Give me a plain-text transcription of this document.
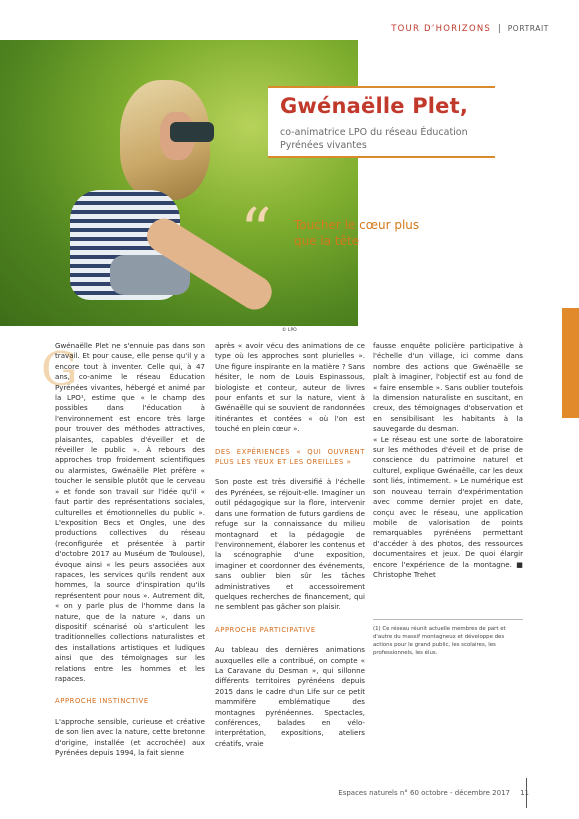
TOUR D’HORIZONS | PORTRAIT
© LPO
Gwénaëlle Plet,
co-animatrice LPO du réseau Éducation Pyrénées vivantes
“ Toucher le cœur plus que la tête
G
Gwénaëlle Plet ne s'ennuie pas dans son travail. Et pour cause, elle pense qu'il y a encore tout à inventer. Celle qui, à 47 ans, co-anime le réseau Éducation Pyrénées vivantes, hébergé et animé par la LPO¹, estime que « le champ des possibles dans l'éducation à l'environnement est encore très large pour trouver des méthodes attractives, plaisantes, capables d'éveiller et de réveiller le public ». À rebours des approches trop froidement scientifiques ou alarmistes, Gwénaëlle Plet préfère « toucher le sensible plutôt que le cerveau » et fonde son travail sur l'idée qu'il « faut partir des représentations sociales, culturelles et émotionnelles du public ». L'exposition Becs et Ongles, une des productions collectives du réseau (reconfigurée et présentée à partir d'octobre 2017 au Muséum de Toulouse), évoque ainsi « les peurs associées aux rapaces, les services qu'ils rendent aux hommes, la source d'inspiration qu'ils représentent pour nous ». Autrement dit, « on y parle plus de l'homme dans la nature, que de la nature », dans un dispositif scénarisé où s'articulent les traditionnelles collections naturalistes et des installations artistiques et ludiques ainsi que des témoignages sur les relations entre les hommes et les rapaces.
APPROCHE INSTINCTIVE
L'approche sensible, curieuse et créative de son lien avec la nature, cette bretonne d'origine, installée (et accrochée) aux Pyrénées depuis 1994, la fait sienne
après « avoir vécu des animations de ce type où les approches sont plurielles ». Une figure inspirante en la matière ? Sans hésiter, le nom de Louis Espinassous, biologiste et conteur, auteur de livres pour enfants et sur la nature, vient à Gwénaëlle qui se souvient de randonnées itinérantes et contées « où l'on est touché en plein cœur ».
DES EXPÉRIENCES « QUI OUVRENT PLUS LES YEUX ET LES OREILLES »
Son poste est très diversifié à l'échelle des Pyrénées, se réjouit-elle. Imaginer un outil pédagogique sur la flore, intervenir dans une formation de futurs gardiens de refuge sur la connaissance du milieu montagnard et la pédagogie de l'environnement, élaborer les contenus et la scénographie d'une exposition, imaginer et coordonner des événements, sans oublier bien sûr les tâches administratives et accessoirement quelques recherches de financement, qui ne semblent pas gâcher son plaisir.
APPROCHE PARTICIPATIVE
Au tableau des dernières animations auxquelles elle a contribué, on compte « La Caravane du Desman », qui sillonne différents territoires pyrénéens depuis 2015 dans le cadre d'un Life sur ce petit mammifère emblématique des montagnes pyrénéennes. Spectacles, conférences, balades en vélo-interprétation, expositions, ateliers créatifs, vraie
fausse enquête policière participative à l'échelle d'un village, ici comme dans nombre des actions que Gwénaëlle se plaît à imaginer, l'objectif est au fond de « faire ensemble ». Sans oublier toutefois la dimension naturaliste en suscitant, en creux, des témoignages d'observation et en sensibilisant les habitants à la sauvegarde du desman.
« Le réseau est une sorte de laboratoire sur les méthodes d'éveil et de prise de conscience du patrimoine naturel et culturel, explique Gwénaëlle, car les deux sont liés, intimement. » Le numérique est son nouveau terrain d'expérimentation avec comme dernier projet en date, conçu avec le réseau, une application mobile de valorisation de points remarquables pyrénéens permettant d'accéder à des photos, des ressources documentaires et jeux. De quoi élargir encore l'expérience de la montagne. ■ Christophe Trehet
(1) Ce réseau réunit actuelle membres de part et d'autre du massif montagneux et développe des actions pour le grand public, les scolaires, les professionnels, les élus.
Espaces naturels n° 60 octobre - décembre 2017 11
